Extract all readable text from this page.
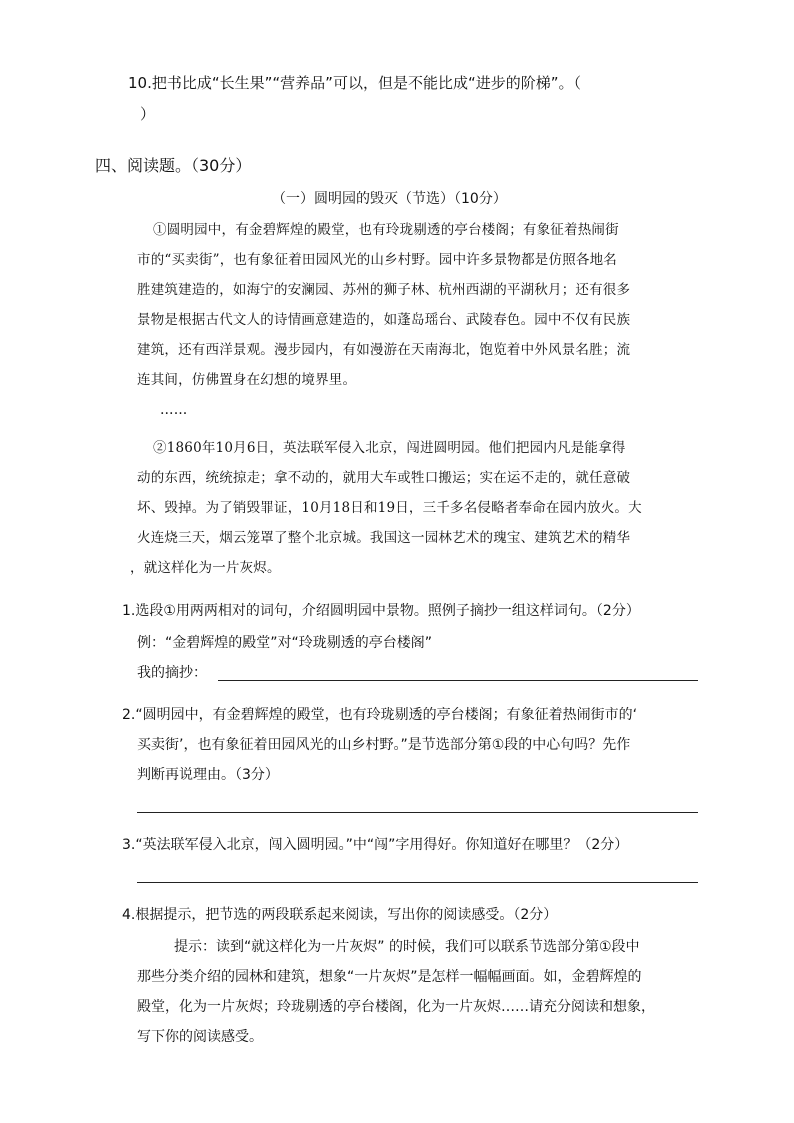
10.把书比成“长生果”“营养品”可以，但是不能比成“进步的阶梯”。（
）
四、阅读题。（30分）
（一）圆明园的毁灭（节选）（10分）
①圆明园中，有金碧辉煌的殿堂，也有玲珑剔透的亭台楼阁；有象征着热闹街
市的“买卖街”，也有象征着田园风光的山乡村野。园中许多景物都是仿照各地名
胜建筑建造的，如海宁的安澜园、苏州的狮子林、杭州西湖的平湖秋月；还有很多
景物是根据古代文人的诗情画意建造的，如蓬岛瑶台、武陵春色。园中不仅有民族
建筑，还有西洋景观。漫步园内，有如漫游在天南海北，饱览着中外风景名胜；流
连其间，仿佛置身在幻想的境界里。
……
②1860年10月6日，英法联军侵入北京，闯进圆明园。他们把园内凡是能拿得
动的东西，统统掠走；拿不动的，就用大车或牲口搬运；实在运不走的，就任意破
坏、毁掉。为了销毁罪证，10月18日和19日，三千多名侵略者奉命在园内放火。大
火连烧三天，烟云笼罩了整个北京城。我国这一园林艺术的瑰宝、建筑艺术的精华
，就这样化为一片灰烬。
1.选段①用两两相对的词句，介绍圆明园中景物。照例子摘抄一组这样词句。（2分）
例：“金碧辉煌的殿堂”对“玲珑剔透的亭台楼阁”
我的摘抄：
2.“圆明园中，有金碧辉煌的殿堂，也有玲珑剔透的亭台楼阁；有象征着热闹街市的‘
买卖街’，也有象征着田园风光的山乡村野。”是节选部分第①段的中心句吗？先作
判断再说理由。（3分）
3.“英法联军侵入北京，闯入圆明园。”中“闯”字用得好。你知道好在哪里？（2分）
4.根据提示，把节选的两段联系起来阅读，写出你的阅读感受。（2分）
提示：读到“就这样化为一片灰烬” 的时候，我们可以联系节选部分第①段中
那些分类介绍的园林和建筑，想象“一片灰烬”是怎样一幅幅画面。如，金碧辉煌的
殿堂，化为一片灰烬；玲珑剔透的亭台楼阁，化为一片灰烬……请充分阅读和想象，
写下你的阅读感受。
